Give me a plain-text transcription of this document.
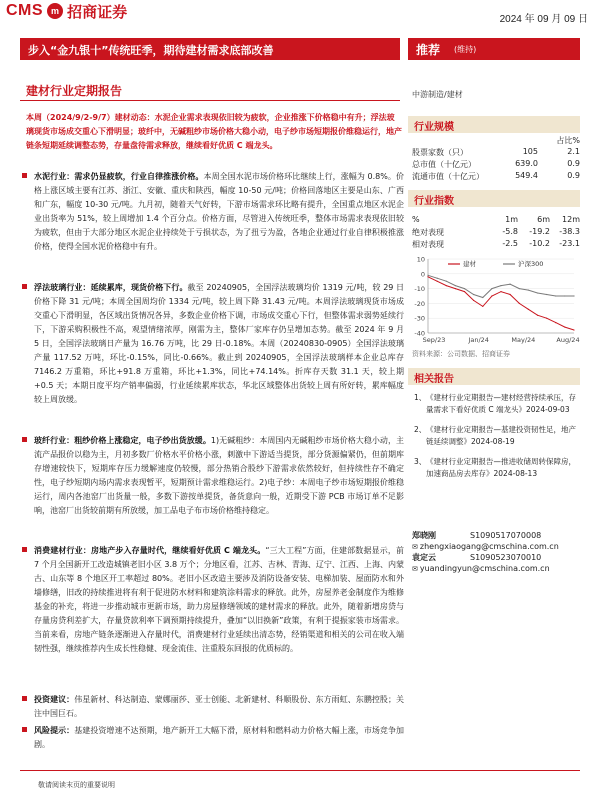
CMS m 招商证券	2024 年 09 月 09 日
步入“金九银十”传统旺季，期待建材需求底部改善	推荐 (维持)
建材行业定期报告	中游制造/建材
本周（2024/9/2-9/7）建材动态：水泥企业需求表现依旧较为疲软，企业推涨下价格稳中有升；浮法玻璃现货市场成交重心下滑明显；玻纤中，无碱粗纱市场价格大稳小动，电子纱市场短期报价维稳运行，地产链条短期延续调整态势，存量盘待需求释放，继续看好优质 C 端龙头。
水泥行业：需求仍显疲软，行业自律推涨价格。本周全国水泥市场价格环比继续上行，涨幅为 0.8%。价格上涨区域主要有江苏、浙江、安徽、重庆和陕西，幅度 10-50 元/吨；价格回落地区主要是山东、广西和广东，幅度 10-30 元/吨。九月初，随着天气好转，下游市场需求环比略有提升，全国重点地区水泥企业出货率为 51%，较上周增加 1.4 个百分点。价格方面，尽管进入传统旺季，整体市场需求表现依旧较为疲软，但由于大部分地区水泥企业持续处于亏损状态，为了扭亏为盈，各地企业通过行业自律积极推涨价格，使得全国水泥价格稳中有升。
浮法玻璃行业：延续累库，现货价格下行。截至 20240905，全国浮法玻璃均价 1319 元/吨，较 29 日价格下降 31 元/吨；本周全国周均价 1334 元/吨，较上周下降 31.43 元/吨。本周浮法玻璃现货市场成交重心下滑明显，各区域出货情况各异，多数企业价格下调，市场成交重心下行，但整体需求弱势延续行下，下游采购积极性不高，观望情绪浓厚，刚需为主，整体厂家库存仍呈增加态势。截至 2024 年 9 月 5 日，全国浮法玻璃日产量为 16.76 万吨，比 29 日-0.18%。本周（20240830-0905）全国浮法玻璃产量 117.52 万吨，环比-0.15%，同比-0.66%。截止到 20240905，全国浮法玻璃样本企业总库存 7146.2 万重箱，环比+91.8 万重箱，环比+1.3%，同比+74.14%。折库存天数 31.1 天，较上期+0.5 天；本期日度平均产销率偏弱，行业延续累库状态，华北区域整体出货较上周有所好转，累库幅度较上周放缓。
玻纤行业：粗纱价格上涨稳定，电子纱出货放缓。1)无碱粗纱：本周国内无碱粗纱市场价格大稳小动，主流产品报价以稳为主，月初多数厂价格水平价格小涨，刺激中下游适当提货，部分货源偏紧仍，但前期库存增速较快下，短期库存压力缓解速度仍较慢，部分热销合股纱下游需求依然较好，但持续性存不确定性，电子纱短期内场内需求表现暂平，短期预计需求维稳运行。2)电子纱：本周电子纱市场短期报价维稳运行，周内各池窑厂出货量一般，多数下游按单提货，备货意向一般，近期受下游 PCB 市场订单不足影响，池窑厂出货较前期有所放缓，加工品电子布市场价格维持稳定。
消费建材行业：房地产步入存量时代，继续看好优质 C 端龙头。“三大工程”方面，住建部数据显示，前 7 个月全国新开工改造城镇老旧小区 3.8 万个；分地区看，江苏、吉林、青海、辽宁、江西、上海、内蒙古、山东等 8 个地区开工率超过 80%。老旧小区改造主要涉及消防设备安装、电梯加装、屋面防水和外墙修缮，旧改的持续推进将有利于促进防水材料和建筑涂料需求的释放。此外，房屋养老金制度作为维修基金的补充，将进一步推动城市更新市场，助力房屋修缮领域的建材需求的释放。此外，随着新增房贷与存量房贷利差扩大，存量贷款利率下调预期持续提升，叠加“以旧换新”政策，有利于提振家装市场需求。当前来看，房地产链条逐渐进入存量时代，消费建材行业延续出清态势，经销渠道和相关的公司在收入端韧性强，继续推荐内生成长性稳健、现金流佳、注重股东回报的优质标的。
投资建议：伟星新材、科达制造、蒙娜丽莎、亚士创能、北新建材、科顺股份、东方雨虹、东鹏控股；关注中国巨石。
风险提示：基建投资增速不达预期，地产新开工大幅下滑，原材料和燃料动力价格大幅上涨，市场竞争加剧。
行业规模
占比%
股票家数（只）	105	2.1
总市值（十亿元）	639.0	0.9
流通市值（十亿元）	549.4	0.9
行业指数
%	1m	6m	12m
绝对表现	-5.8	-19.2	-38.3
相对表现	-2.5	-10.2	-23.1
-40
-30
-20
-10
0
10
Sep/23	Jan/24	May/24	Aug/24
建材	沪深300
资料来源：公司数据、招商证券
相关报告
1、 《建材行业定期报告—建材经营持续承压，存量需求下看好优质 C 端龙头》2024-09-03
2、 《建材行业定期报告—基建投资韧性足，地产链延续调整》2024-08-19
3、 《建材行业定期报告—推进收储周转保障房，加速商品房去库存》2024-08-13
郑晓刚	S1090517070008
✉ zhengxiaogang@cmschina.com.cn
袁定云	S1090523070010
✉ yuandingyun@cmschina.com.cn
敬请阅读末页的重要说明
